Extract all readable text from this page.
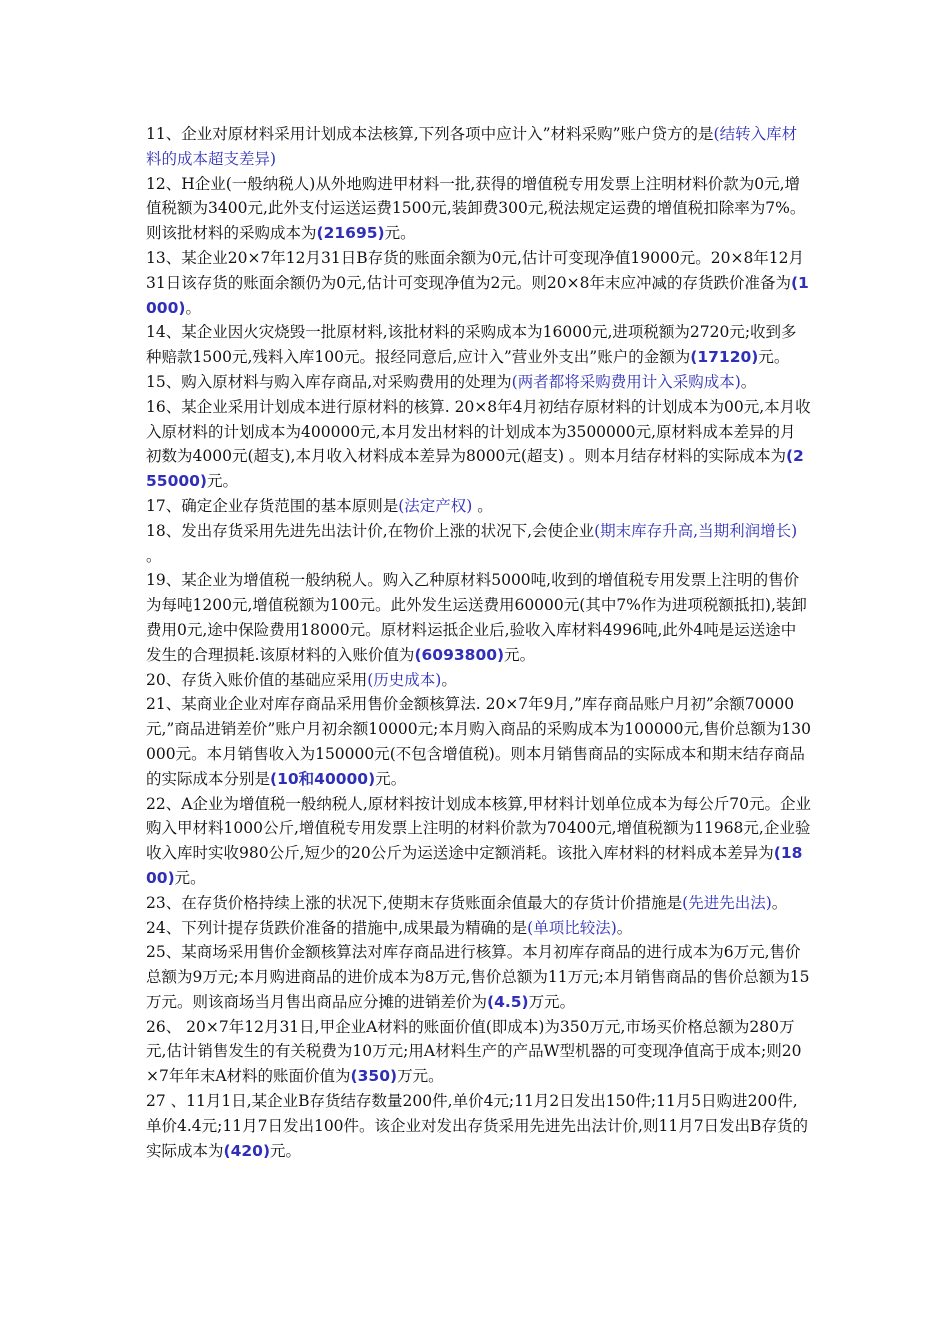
11、企业对原材料采用计划成本法核算,下列各项中应计入”材料采购”账户贷方的是(结转入库材料的成本超支差异)

12、H企业(一般纳税人)从外地购进甲材料一批,获得的增值税专用发票上注明材料价款为0元,增值税额为3400元,此外支付运送运费1500元,装卸费300元,税法规定运费的增值税扣除率为7%。则该批材料的采购成本为(21695)元。

13、某企业20×7年12月31日B存货的账面余额为0元,估计可变现净值19000元。20×8年12月31日该存货的账面余额仍为0元,估计可变现净值为2元。则20×8年末应冲减的存货跌价准备为(1000)。

14、某企业因火灾烧毁一批原材料,该批材料的采购成本为16000元,进项税额为2720元;收到多种赔款1500元,残料入库100元。报经同意后,应计入”营业外支出”账户的金额为(17120)元。

15、购入原材料与购入库存商品,对采购费用的处理为(两者都将采购费用计入采购成本)。

16、某企业采用计划成本进行原材料的核算. 20×8年4月初结存原材料的计划成本为00元,本月收入原材料的计划成本为400000元,本月发出材料的计划成本为3500000元,原材料成本差异的月初数为4000元(超支),本月收入材料成本差异为8000元(超支) 。则本月结存材料的实际成本为(255000)元。

17、确定企业存货范围的基本原则是(法定产权) 。

18、发出存货采用先进先出法计价,在物价上涨的状况下,会使企业(期末库存升高,当期利润增长) 。

19、某企业为增值税一般纳税人。购入乙种原材料5000吨,收到的增值税专用发票上注明的售价为每吨1200元,增值税额为100元。此外发生运送费用60000元(其中7%作为进项税额抵扣),装卸费用0元,途中保险费用18000元。原材料运抵企业后,验收入库材料4996吨,此外4吨是运送途中发生的合理损耗.该原材料的入账价值为(6093800)元。

20、存货入账价值的基础应采用(历史成本)。

21、某商业企业对库存商品采用售价金额核算法. 20×7年9月,”库存商品账户月初”余额70000元,”商品进销差价”账户月初余额10000元;本月购入商品的采购成本为100000元,售价总额为130000元。本月销售收入为150000元(不包含增值税)。则本月销售商品的实际成本和期末结存商品的实际成本分别是(10和40000)元。

22、A企业为增值税一般纳税人,原材料按计划成本核算,甲材料计划单位成本为每公斤70元。企业购入甲材料1000公斤,增值税专用发票上注明的材料价款为70400元,增值税额为11968元,企业验收入库时实收980公斤,短少的20公斤为运送途中定额消耗。该批入库材料的材料成本差异为(1800)元。

23、在存货价格持续上涨的状况下,使期末存货账面余值最大的存货计价措施是(先进先出法)。

24、下列计提存货跌价准备的措施中,成果最为精确的是(单项比较法)。

25、某商场采用售价金额核算法对库存商品进行核算。本月初库存商品的进行成本为6万元,售价总额为9万元;本月购进商品的进价成本为8万元,售价总额为11万元;本月销售商品的售价总额为15万元。则该商场当月售出商品应分摊的进销差价为(4.5)万元。

26、 20×7年12月31日,甲企业A材料的账面价值(即成本)为350万元,市场买价格总额为280万元,估计销售发生的有关税费为10万元;用A材料生产的产品W型机器的可变现净值高于成本;则20×7年年末A材料的账面价值为(350)万元。

27 、11月1日,某企业B存货结存数量200件,单价4元;11月2日发出150件;11月5日购进200件,单价4.4元;11月7日发出100件。该企业对发出存货采用先进先出法计价,则11月7日发出B存货的实际成本为(420)元。
